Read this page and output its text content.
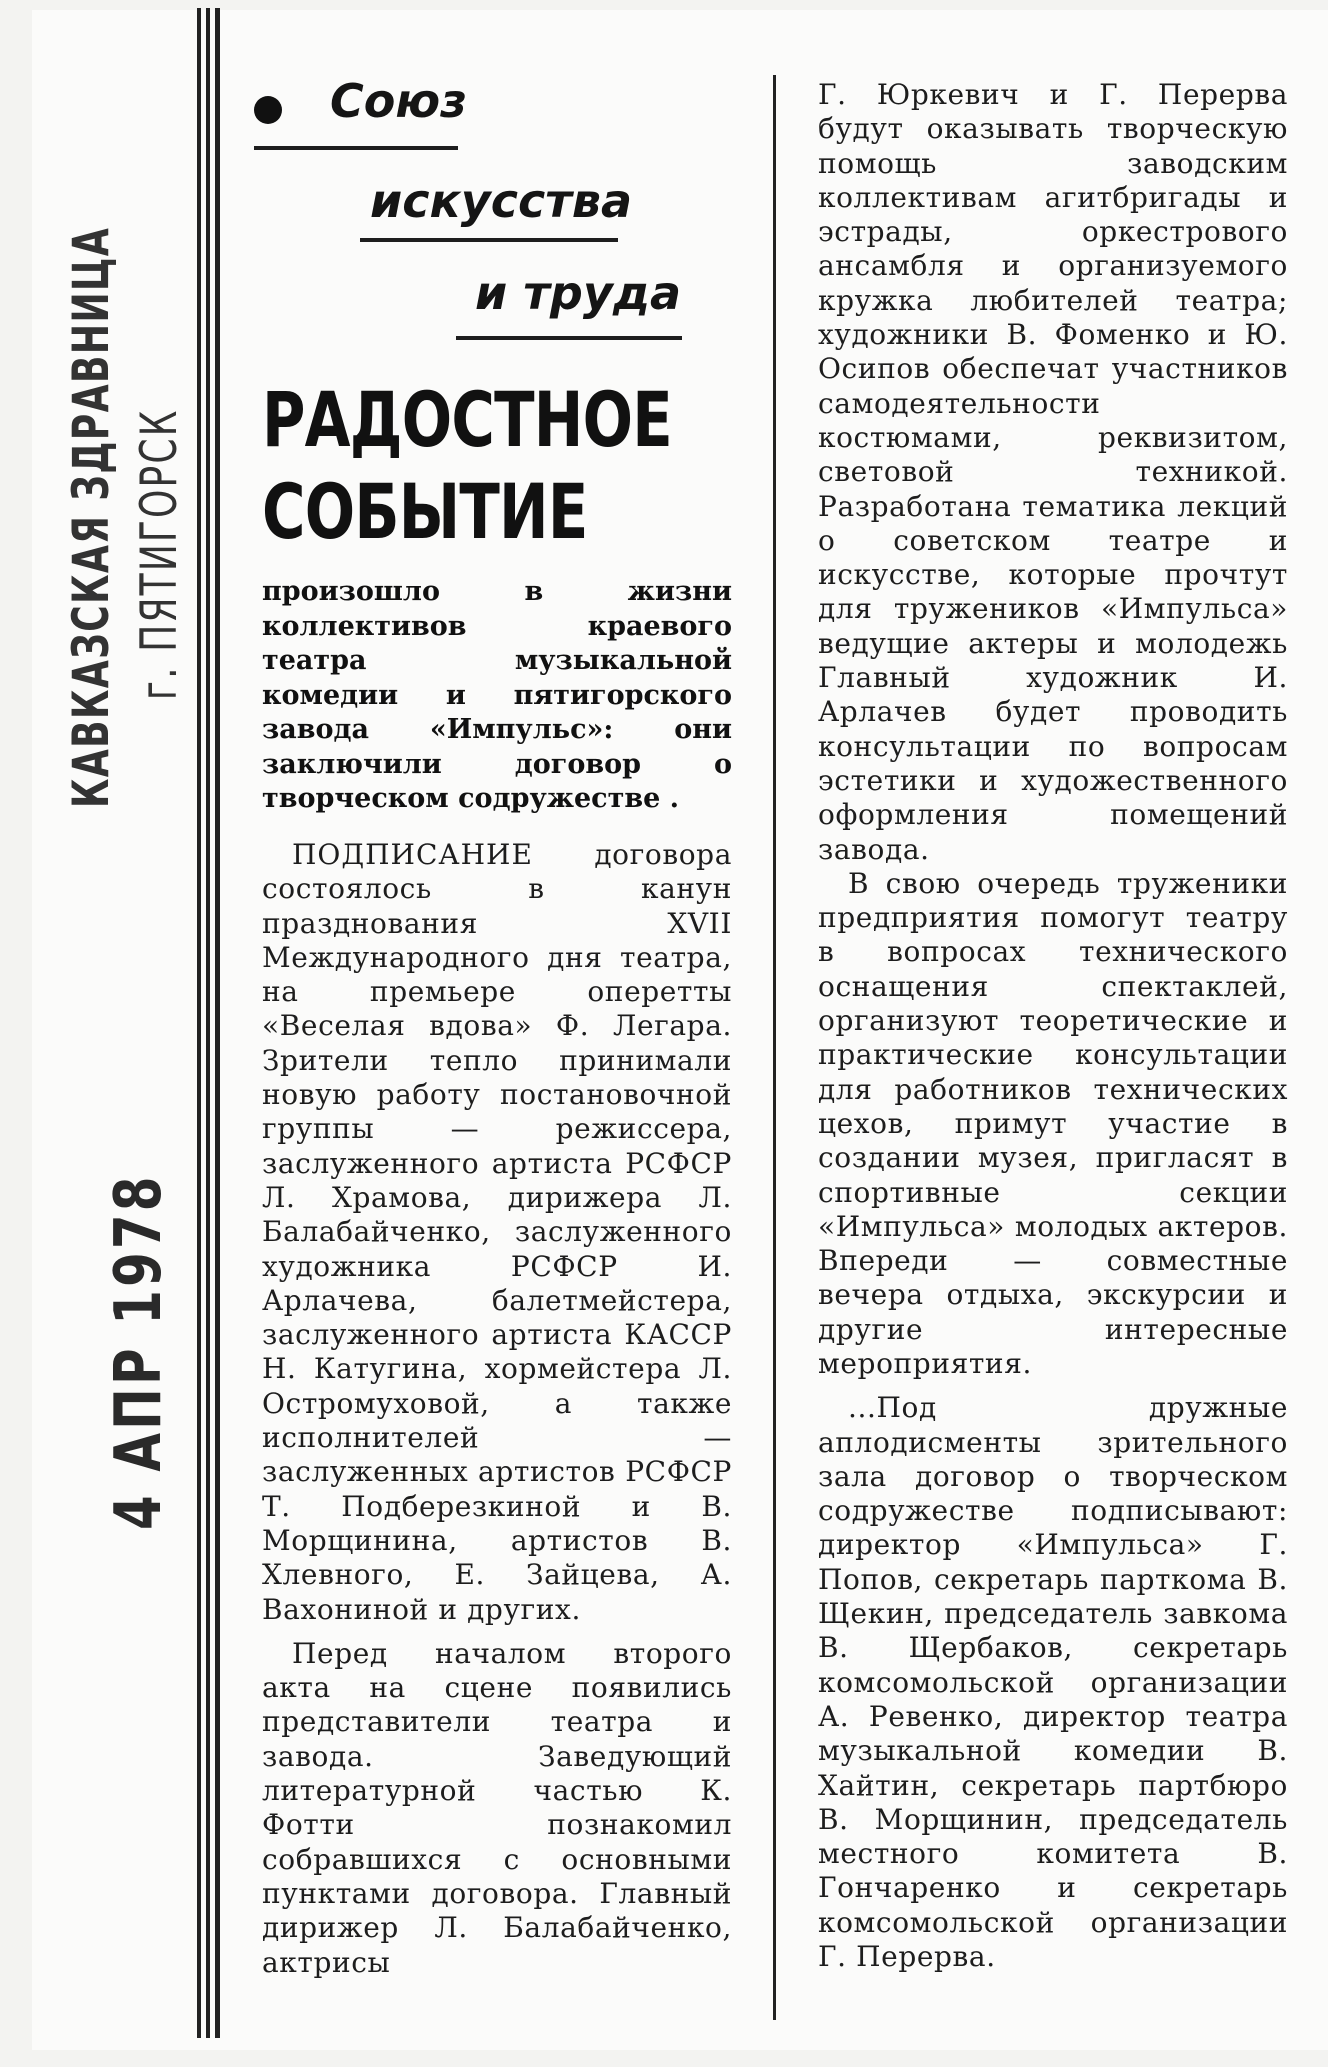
КАВКАЗСКАЯ ЗДРАВНИЦА г. ПЯТИГОРСК
4 АПР 1978
Союз
искусства
и труда
РАДОСТНОЕ
СОБЫТИЕ
произошло в жизни коллективов краевого театра музыкальной комедии и пятигорского завода «Импульс»: они заключили договор о творческом содружестве .

ПОДПИСАНИЕ договора состоялось в канун празднования XVII Международного дня театра, на премьере оперетты «Веселая вдова» Ф. Легара. Зрители тепло принимали новую работу постановочной группы — режиссера, заслуженного артиста РСФСР Л. Храмова, дирижера Л. Балабайченко, заслуженного художника РСФСР И. Арлачева, балетмейстера, заслуженного артиста КАССР Н. Катугина, хормейстера Л. Остромуховой, а также исполнителей — заслуженных артистов РСФСР Т. Подберезкиной и В. Морщинина, артистов В. Хлевного, Е. Зайцева, А. Вахониной и других.

Перед началом второго акта на сцене появились представители театра и завода. Заведующий литературной частью К. Фотти познакомил собравшихся с основными пунктами договора. Главный дирижер Л. Балабайченко, актрисы

Г. Юркевич и Г. Перерва будут оказывать творческую помощь заводским коллективам агитбригады и эстрады, оркестрового ансамбля и организуемого кружка любителей театра; художники В. Фоменко и Ю. Осипов обеспечат участников самодеятельности костюмами, реквизитом, световой техникой. Разработана тематика лекций о советском театре и искусстве, которые прочтут для тружеников «Импульса» ведущие актеры и молодежь Главный художник И. Арлачев будет проводить консультации по вопросам эстетики и художественного оформления помещений завода.

В свою очередь труженики предприятия помогут театру в вопросах технического оснащения спектаклей, организуют теоретические и практические консультации для работников технических цехов, примут участие в создании музея, пригласят в спортивные секции «Импульса» молодых актеров. Впереди — совместные вечера отдыха, экскурсии и другие интересные мероприятия.

...Под дружные аплодисменты зрительного зала договор о творческом содружестве подписывают: директор «Импульса» Г. Попов, секретарь парткома В. Щекин, председатель завкома В. Щербаков, секретарь комсомольской организации А. Ревенко, директор театра музыкальной комедии В. Хайтин, секретарь партбюро В. Морщинин, председатель местного комитета В. Гончаренко и секретарь комсомольской организации Г. Перерва.
